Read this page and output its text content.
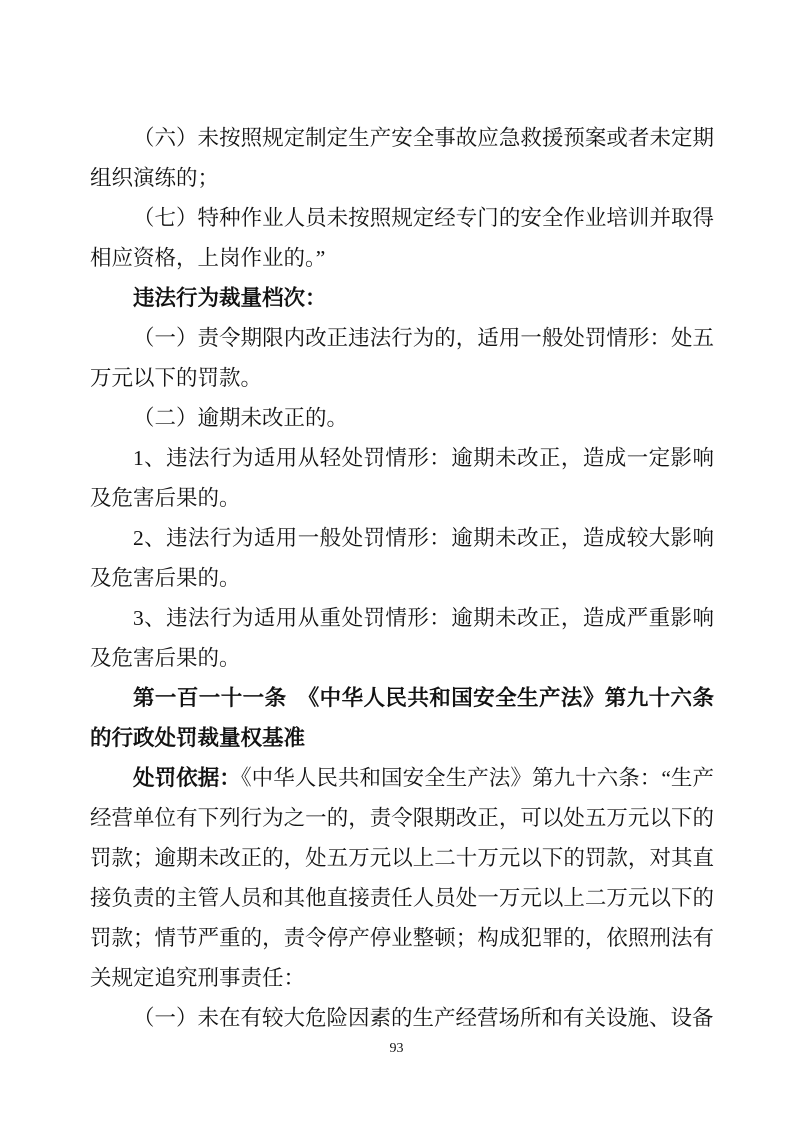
（六）未按照规定制定生产安全事故应急救援预案或者未定期组织演练的；

（七）特种作业人员未按照规定经专门的安全作业培训并取得相应资格，上岗作业的。”

违法行为裁量档次：

（一）责令期限内改正违法行为的，适用一般处罚情形：处五万元以下的罚款。

（二）逾期未改正的。

1、违法行为适用从轻处罚情形：逾期未改正，造成一定影响及危害后果的。

2、违法行为适用一般处罚情形：逾期未改正，造成较大影响及危害后果的。

3、违法行为适用从重处罚情形：逾期未改正，造成严重影响及危害后果的。

第一百一十一条　《中华人民共和国安全生产法》第九十六条的行政处罚裁量权基准

处罚依据：《中华人民共和国安全生产法》第九十六条：“生产经营单位有下列行为之一的，责令限期改正，可以处五万元以下的罚款；逾期未改正的，处五万元以上二十万元以下的罚款，对其直接负责的主管人员和其他直接责任人员处一万元以上二万元以下的罚款；情节严重的，责令停产停业整顿；构成犯罪的，依照刑法有关规定追究刑事责任：

（一）未在有较大危险因素的生产经营场所和有关设施、设备

93
